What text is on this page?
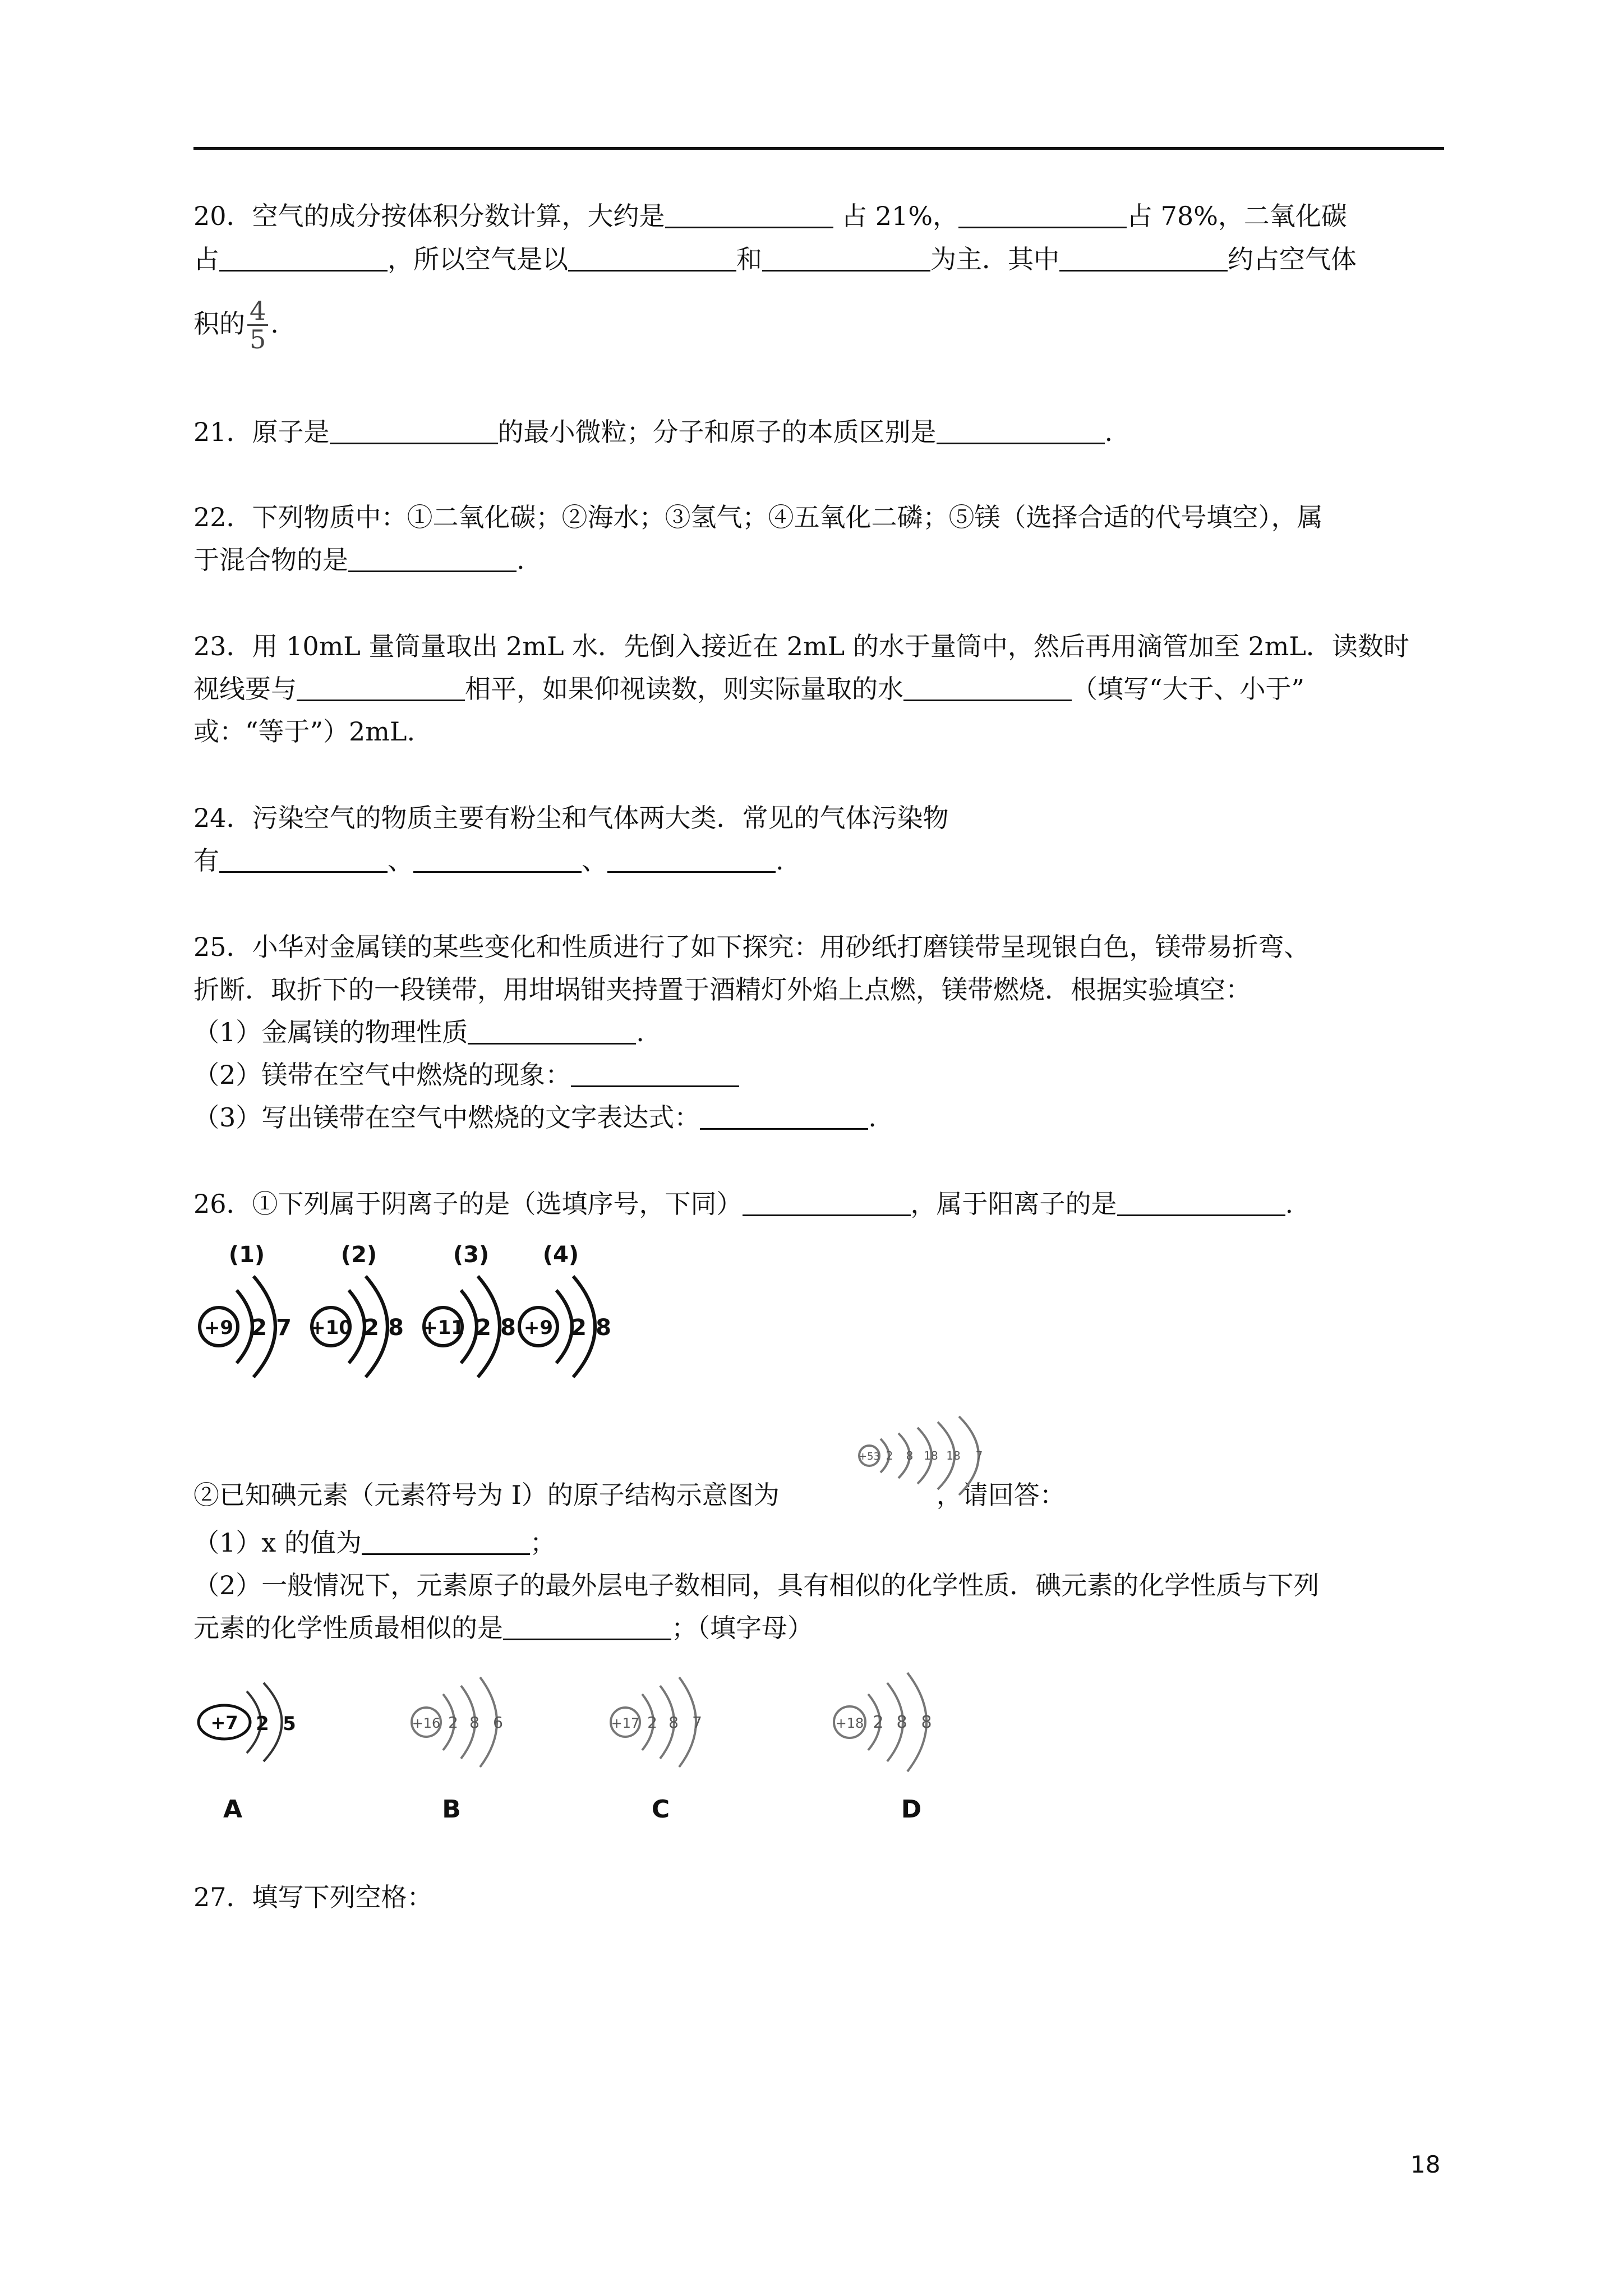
20．空气的成分按体积分数计算，大约是	占 21%，	占 78%，二氧化碳
占	，所以空气是以	和	为主．其中	约占空气体
积的 $\frac{4}{5}$ .
21．原子是	的最小微粒；分子和原子的本质区别是	.
22．下列物质中：①二氧化碳；②海水；③氢气；④五氧化二磷；⑤镁（选择合适的代号填空），属
于混合物的是	.
23．用 10mL 量筒量取出 2mL 水．先倒入接近在 2mL 的水于量筒中，然后再用滴管加至 2mL．读数时
视线要与	相平，如果仰视读数，则实际量取的水	（填写“大于、小于”
或：“等于”）2mL.
24．污染空气的物质主要有粉尘和气体两大类．常见的气体污染物
有	、	、	.
25．小华对金属镁的某些变化和性质进行了如下探究：用砂纸打磨镁带呈现银白色，镁带易折弯、
折断．取折下的一段镁带，用坩埚钳夹持置于酒精灯外焰上点燃，镁带燃烧．根据实验填空：
（1）金属镁的物理性质	.
（2）镁带在空气中燃烧的现象：
（3）写出镁带在空气中燃烧的文字表达式：	.
26．①下列属于阴离子的是（选填序号，下同）	，属于阳离子的是	.
(1)
+9 2 7
(2)
+10 2 8
(3)
+11 2 8
(4)
+9 2 8
②已知碘元素（元素符号为 I）的原子结构示意图为	，请回答：
+53 2 8 18 18 7
（1）x 的值为	；
（2）一般情况下，元素原子的最外层电子数相同，具有相似的化学性质．碘元素的化学性质与下列
元素的化学性质最相似的是	；（填字母）
+7 2 5
A
+16 2 8 6
B
+17 2 8 7
C
+18 2 8 8
D
27．填写下列空格：
18
